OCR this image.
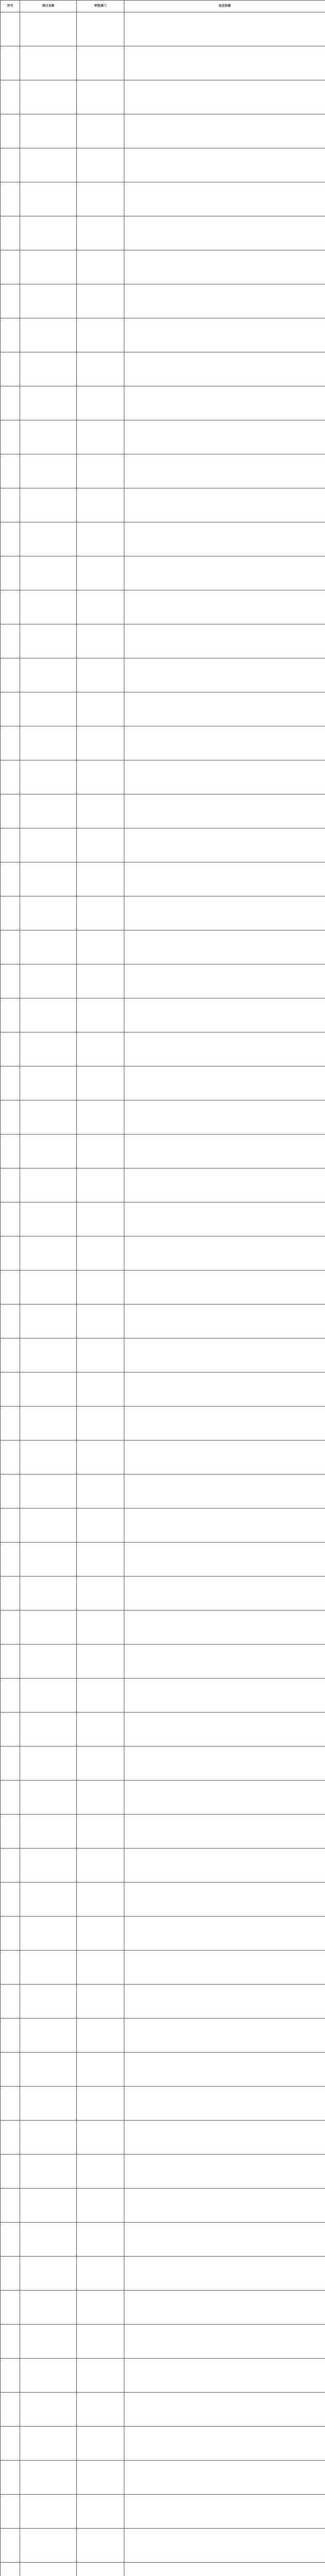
序号	项目名称	审批部门	设定依据
